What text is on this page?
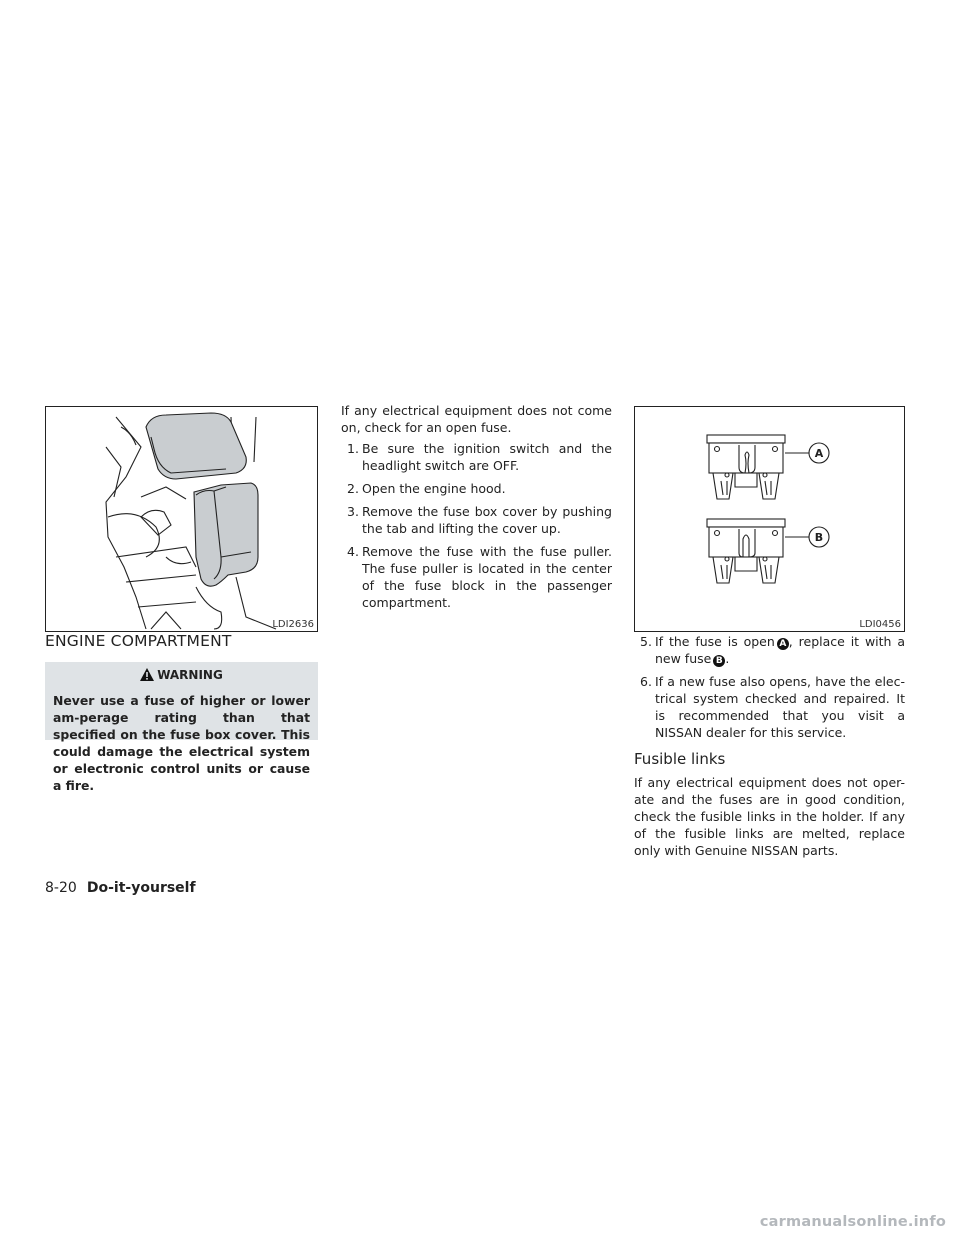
LDI2636
ENGINE COMPARTMENT
WARNING
Never use a fuse of higher or lower am-perage rating than that specified on the fuse box cover. This could damage the electrical system or electronic control units or cause a fire.

If any electrical equipment does not come on, check for an open fuse.

1. Be sure the ignition switch and the headlight switch are OFF.
2. Open the engine hood.
3. Remove the fuse box cover by pushing the tab and lifting the cover up.
4. Remove the fuse with the fuse puller. The fuse puller is located in the center of the fuse block in the passenger compartment.
A
B
LDI0456
5. If the fuse is open A , replace it with a new fuse B .
6. If a new fuse also opens, have the elec-trical system checked and repaired. It is recommended that you visit a NISSAN dealer for this service.
Fusible links

If any electrical equipment does not oper-ate and the fuses are in good condition, check the fusible links in the holder. If any of the fusible links are melted, replace only with Genuine NISSAN parts.

8-20 Do-it-yourself
carmanualsonline.info
